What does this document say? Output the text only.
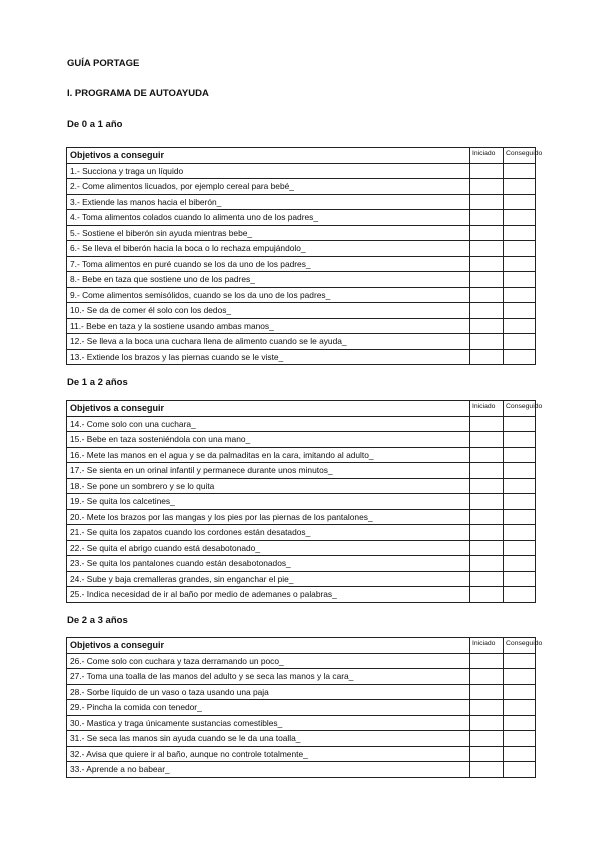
GUÍA PORTAGE
I. PROGRAMA DE AUTOAYUDA
De 0 a 1 año
Objetivos a conseguir	Iniciado	Conseguido
1.- Succiona y traga un líquido		
2.- Come alimentos licuados, por ejemplo cereal para bebé_		
3.- Extiende las manos hacia el biberón_		
4.- Toma alimentos colados cuando lo alimenta uno de los padres_		
5.- Sostiene el biberón sin ayuda mientras bebe_		
6.- Se lleva el biberón hacia la boca o lo rechaza empujándolo_		
7.- Toma alimentos en puré cuando se los da uno de los padres_		
8.- Bebe en taza que sostiene uno de los padres_		
9.- Come alimentos semisólidos, cuando se los da uno de los padres_		
10.- Se da de comer él solo con los dedos_		
11.- Bebe en taza y la sostiene usando ambas manos_		
12.- Se lleva a la boca una cuchara llena de alimento cuando se le ayuda_		
13.- Extiende los brazos y las piernas cuando se le viste_		
De 1 a 2 años
Objetivos a conseguir	Iniciado	Conseguido
14.- Come solo con una cuchara_		
15.- Bebe en taza sosteniéndola con una mano_		
16.- Mete las manos en el agua y se da palmaditas en la cara, imitando al adulto_		
17.- Se sienta en un orinal infantil y permanece durante unos minutos_		
18.- Se pone un sombrero y se lo quita		
19.- Se quita los calcetines_		
20.- Mete los brazos por las mangas y los pies por las piernas de los pantalones_		
21.- Se quita los zapatos cuando los cordones están desatados_		
22.- Se quita el abrigo cuando está desabotonado_		
23.- Se quita los pantalones cuando están desabotonados_		
24.- Sube y baja cremalleras grandes, sin enganchar el pie_		
25.- Indica necesidad de ir al baño por medio de ademanes o palabras_		
De 2 a 3 años
Objetivos a conseguir	Iniciado	Conseguido
26.- Come solo con cuchara y taza derramando un poco_		
27.- Toma una toalla de las manos del adulto y se seca las manos y la cara_		
28.- Sorbe líquido de un vaso o taza usando una paja		
29.- Pincha la comida con tenedor_		
30.- Mastica y traga únicamente sustancias comestibles_		
31.- Se seca las manos sin ayuda cuando se le da una toalla_		
32.- Avisa que quiere ir al baño, aunque no controle totalmente_		
33.- Aprende a no babear_		
